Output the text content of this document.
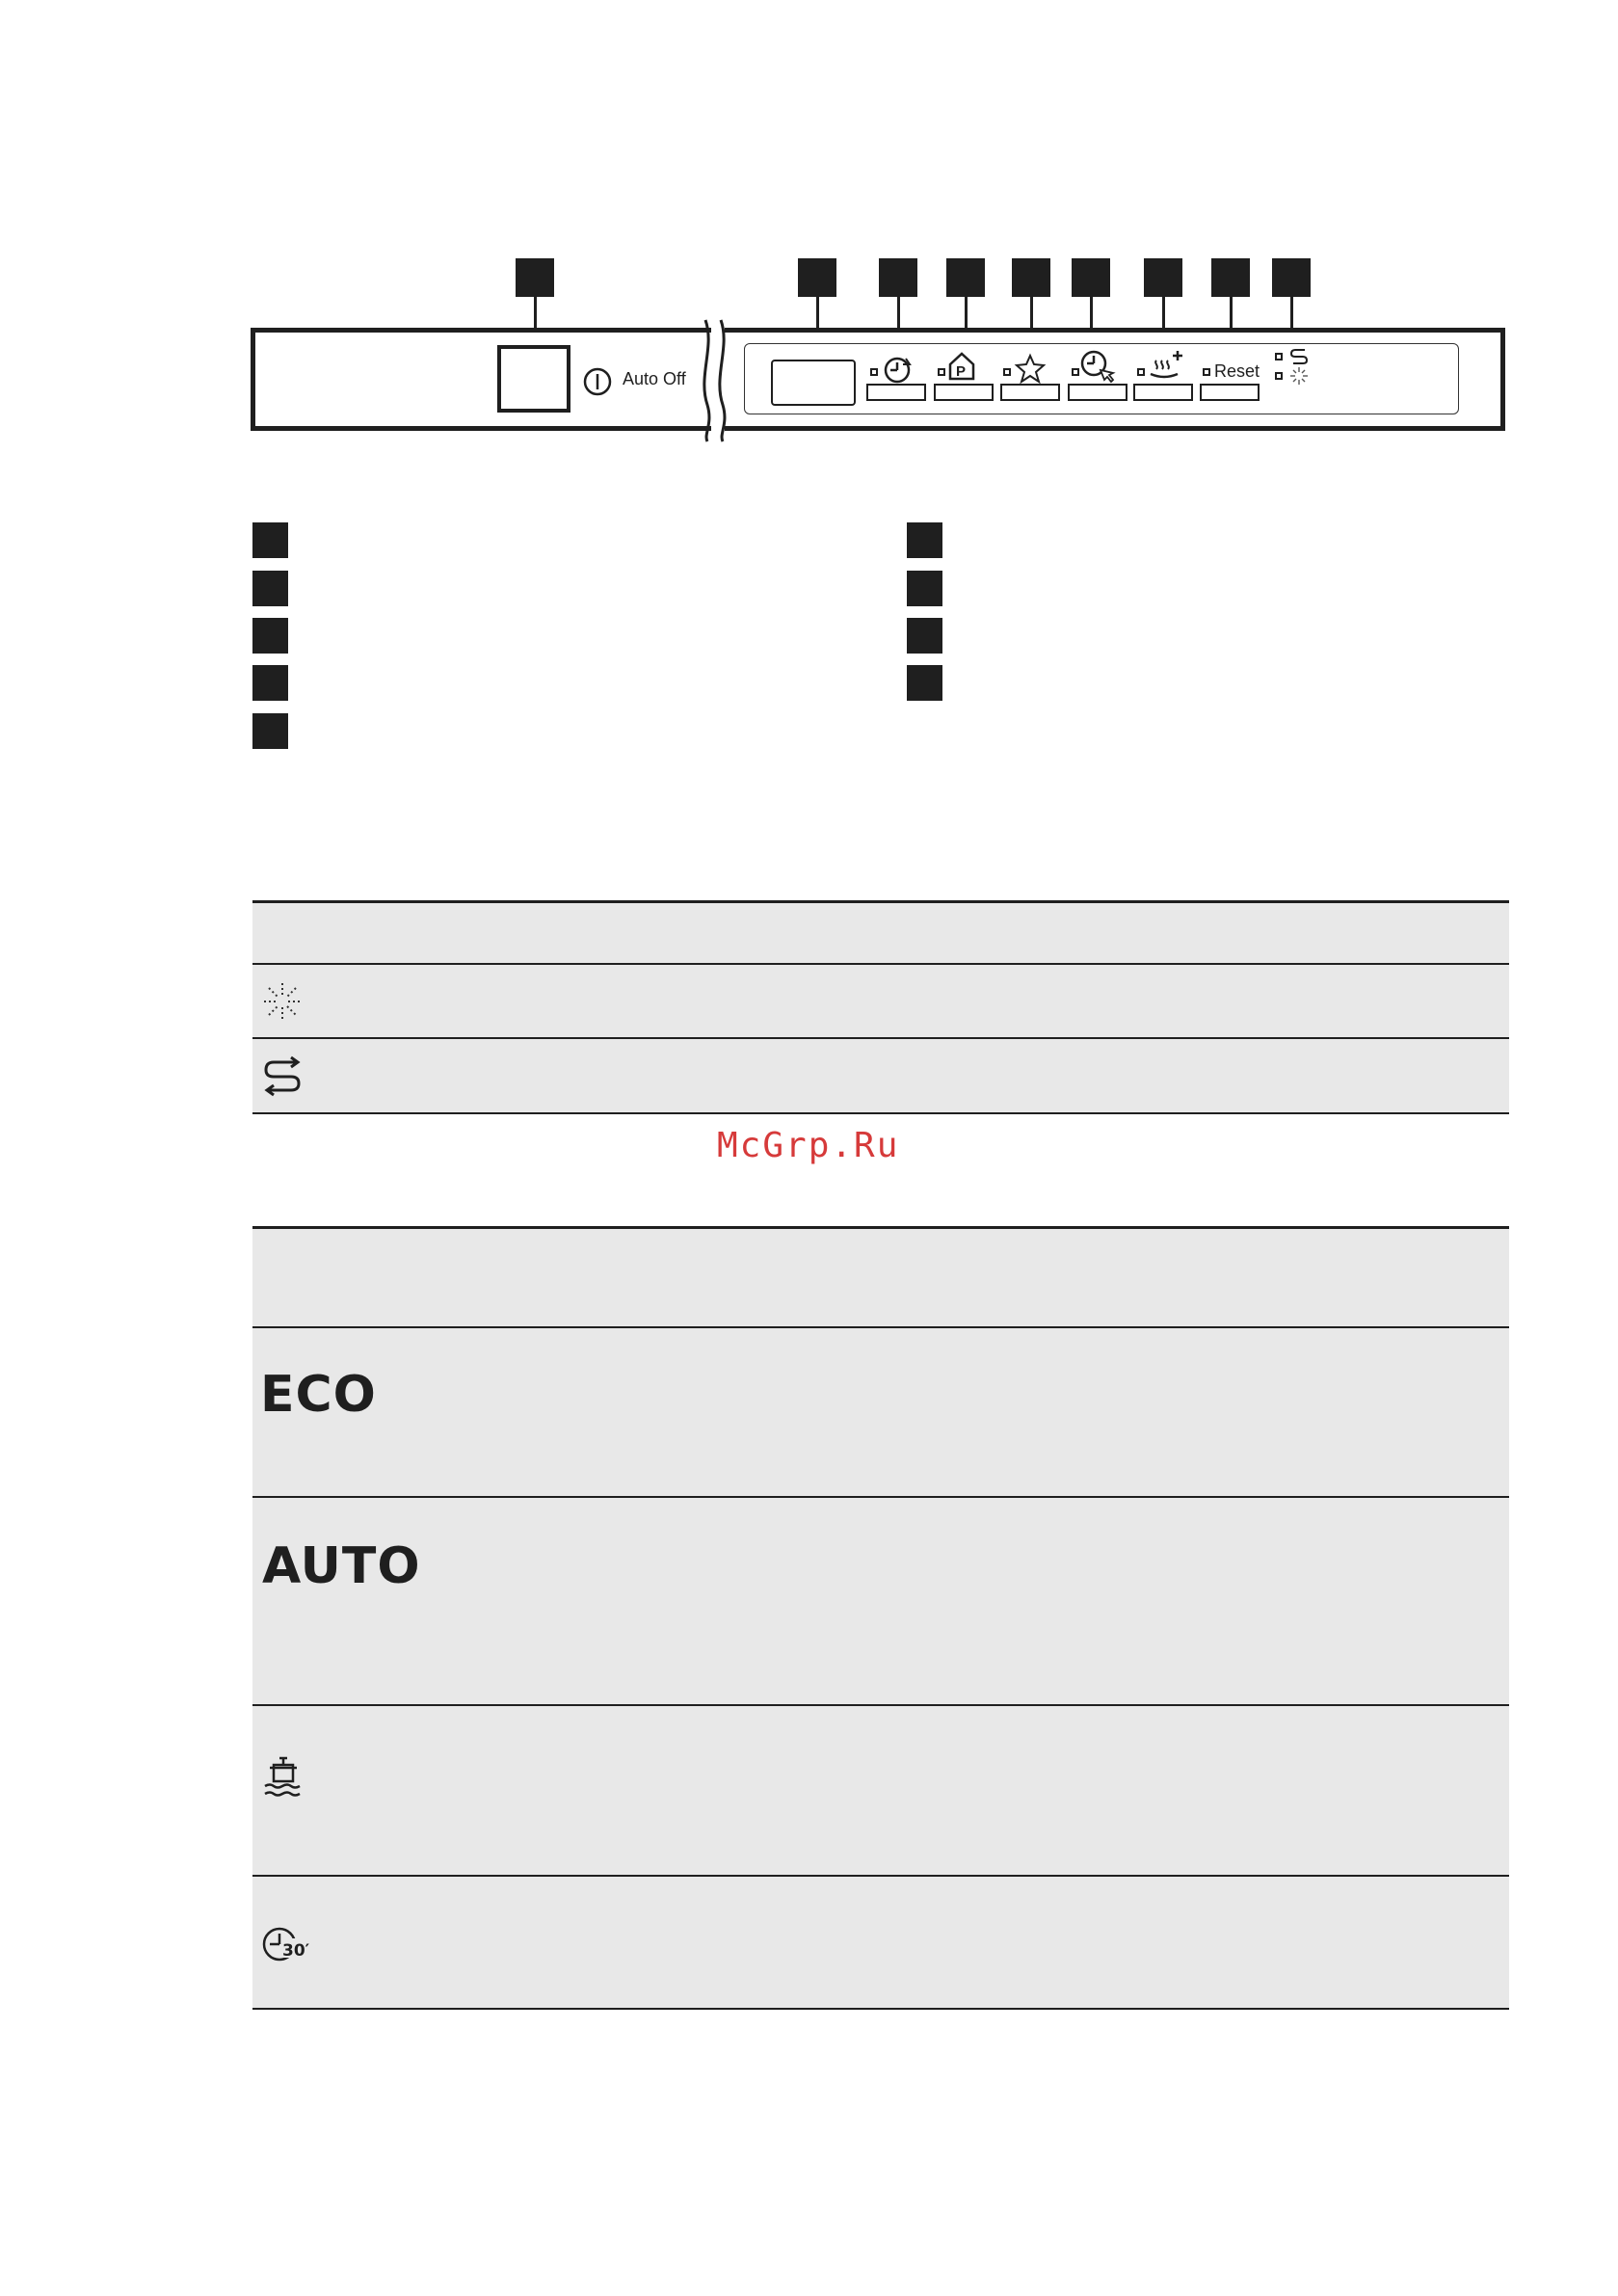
Auto Off	P	Reset
McGrp.Ru
ECO
AUTO
30′
